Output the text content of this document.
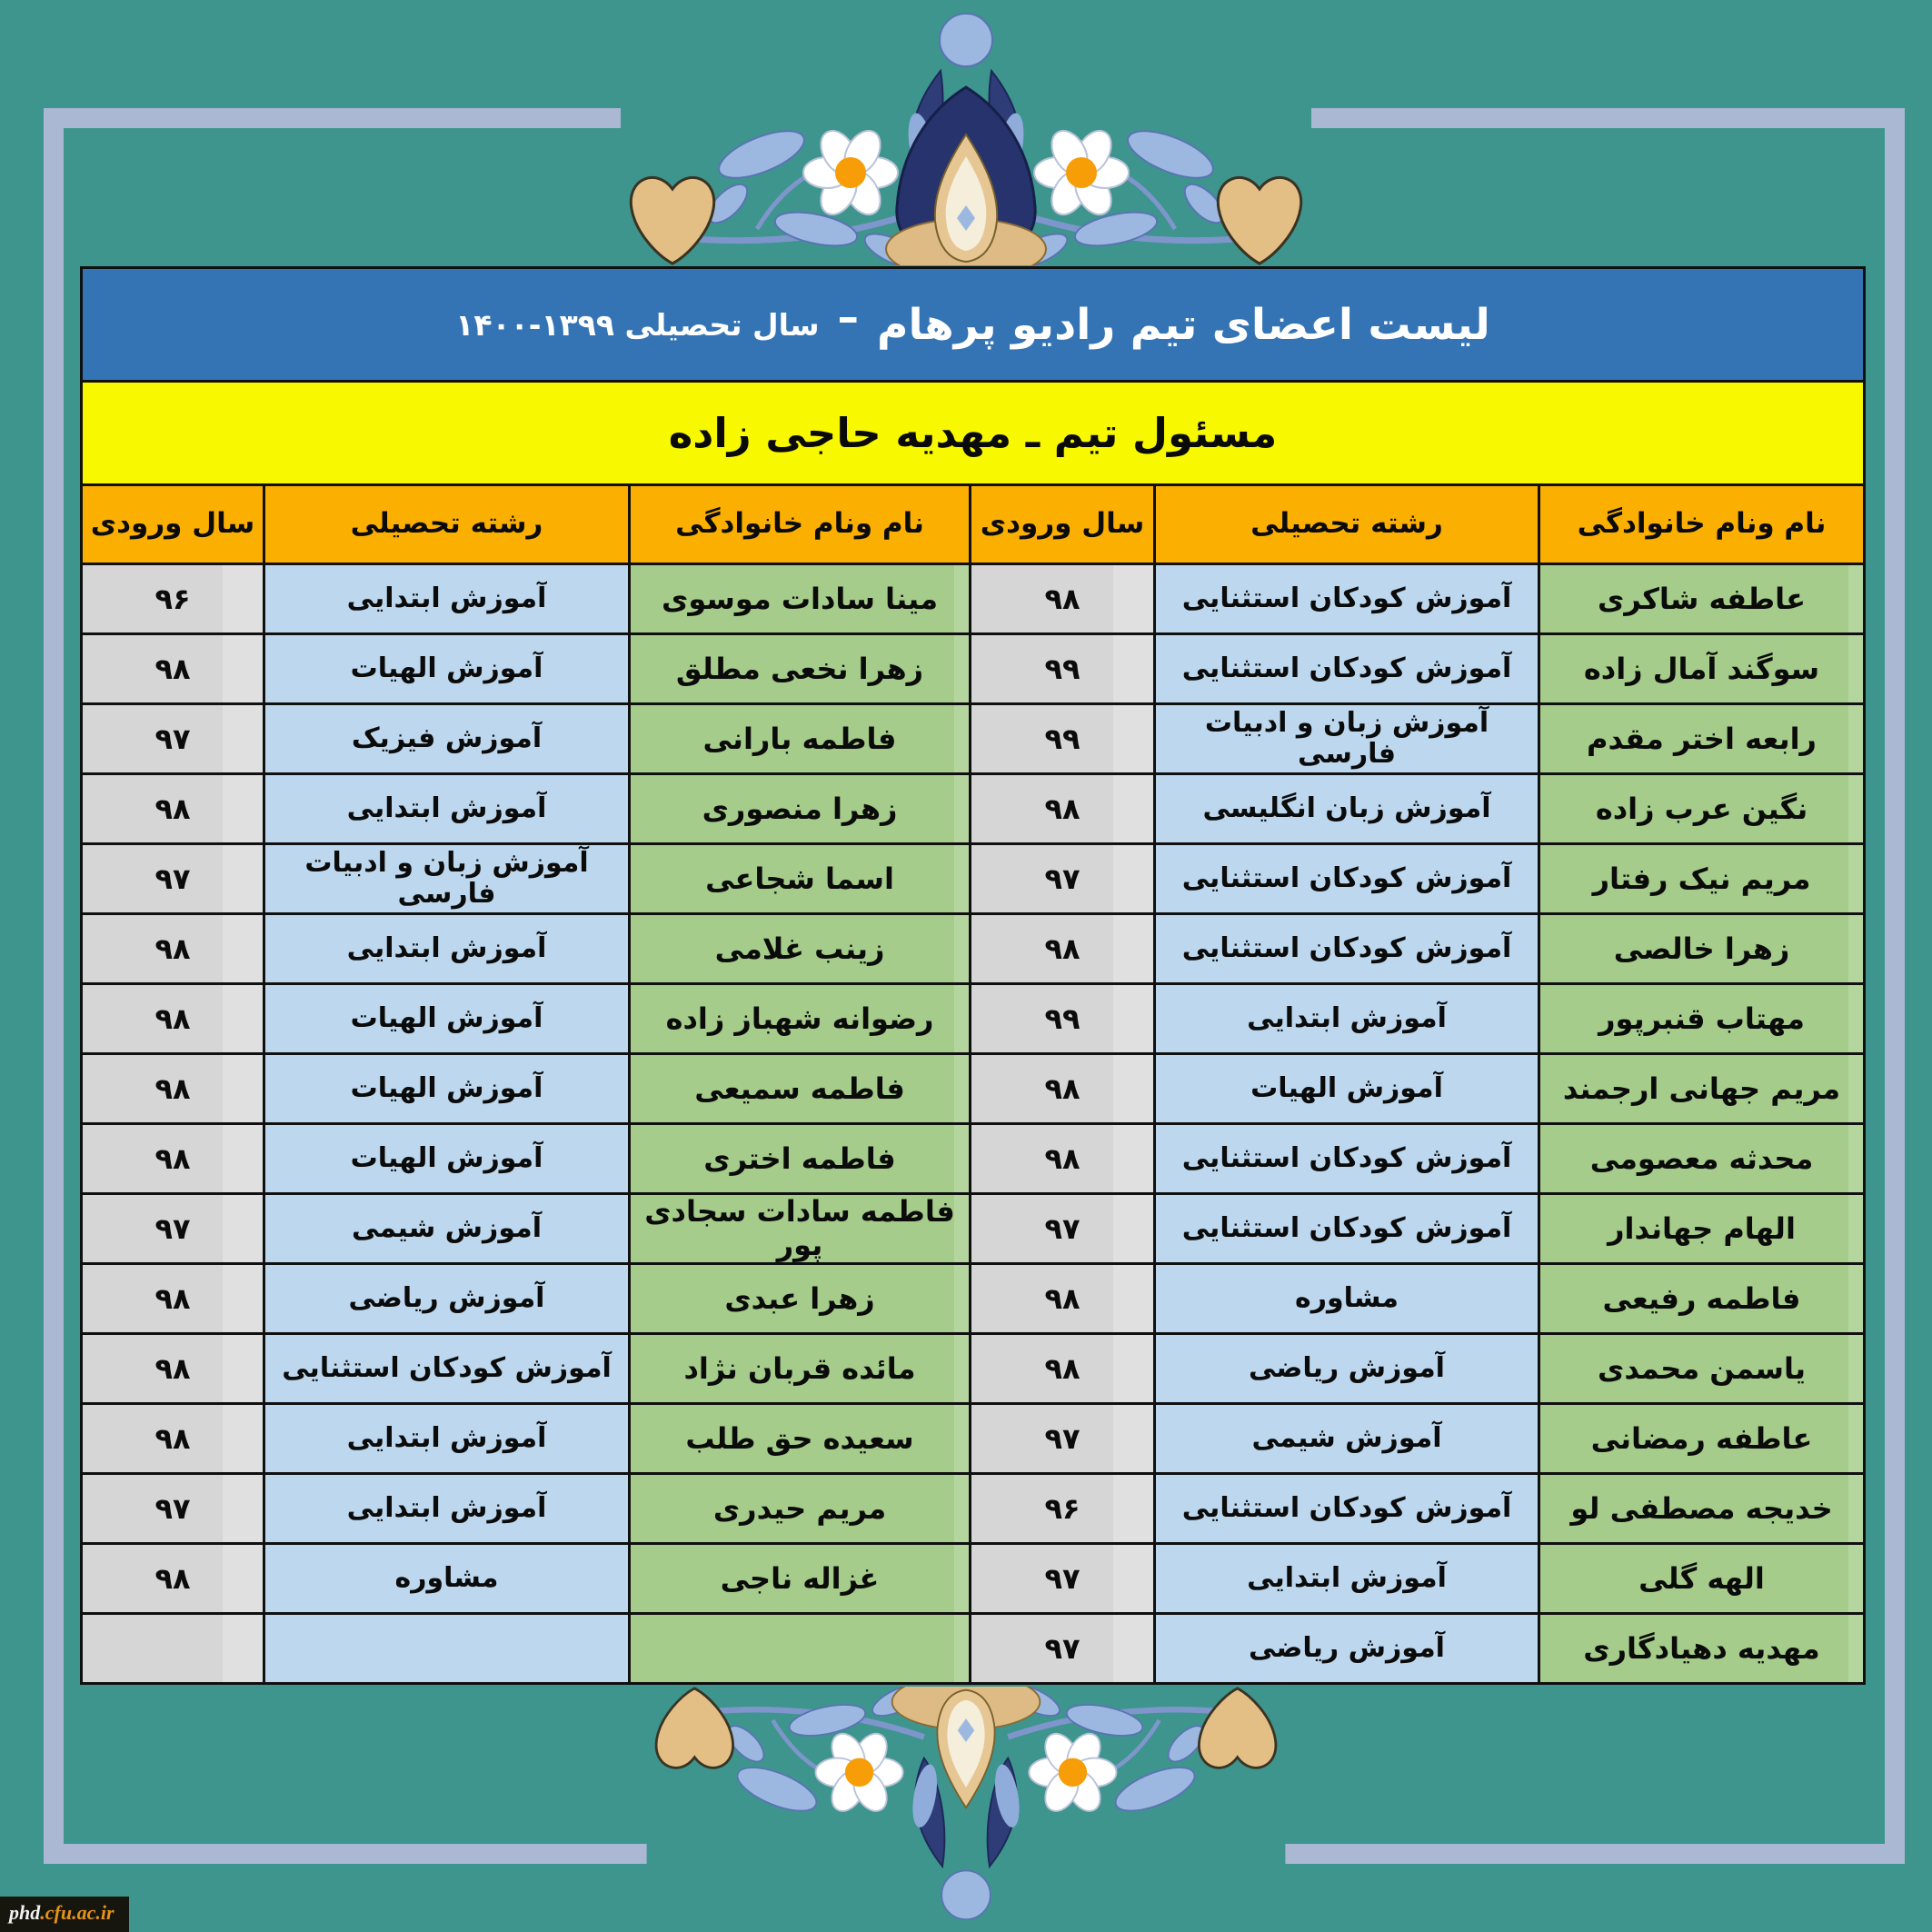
لیست اعضای تیم رادیو پرهام
–
سال تحصیلی ۱۳۹۹-۱۴۰۰
مسئول تیم ـ مهدیه حاجی زاده
نام ونام خانوادگی
رشته تحصیلی
سال ورودی
نام ونام خانوادگی
رشته تحصیلی
سال ورودی
عاطفه شاکری
آموزش کودکان استثنایی
۹۸
مینا سادات موسوی
آموزش ابتدایی
۹۶
سوگند آمال زاده
آموزش کودکان استثنایی
۹۹
زهرا نخعی مطلق
آموزش الهیات
۹۸
رابعه اختر مقدم
آموزش زبان و ادبیات فارسی
۹۹
فاطمه بارانی
آموزش فیزیک
۹۷
نگین عرب زاده
آموزش زبان انگلیسی
۹۸
زهرا منصوری
آموزش ابتدایی
۹۸
مریم نیک رفتار
آموزش کودکان استثنایی
۹۷
اسما شجاعی
آموزش زبان و ادبیات فارسی
۹۷
زهرا خالصی
آموزش کودکان استثنایی
۹۸
زینب غلامی
آموزش ابتدایی
۹۸
مهتاب قنبرپور
آموزش ابتدایی
۹۹
رضوانه شهباز زاده
آموزش الهیات
۹۸
مریم جهانی ارجمند
آموزش الهیات
۹۸
فاطمه سمیعی
آموزش الهیات
۹۸
محدثه معصومی
آموزش کودکان استثنایی
۹۸
فاطمه اختری
آموزش الهیات
۹۸
الهام جهاندار
آموزش کودکان استثنایی
۹۷
فاطمه سادات سجادی پور
آموزش شیمی
۹۷
فاطمه رفیعی
مشاوره
۹۸
زهرا عبدی
آموزش ریاضی
۹۸
یاسمن محمدی
آموزش ریاضی
۹۸
مائده قربان نژاد
آموزش کودکان استثنایی
۹۸
عاطفه رمضانی
آموزش شیمی
۹۷
سعیده حق طلب
آموزش ابتدایی
۹۸
خدیجه مصطفی لو
آموزش کودکان استثنایی
۹۶
مریم حیدری
آموزش ابتدایی
۹۷
الهه گلی
آموزش ابتدایی
۹۷
غزاله ناجی
مشاوره
۹۸
مهدیه دهیادگاری
آموزش ریاضی
۹۷
phd.cfu.ac.ir
